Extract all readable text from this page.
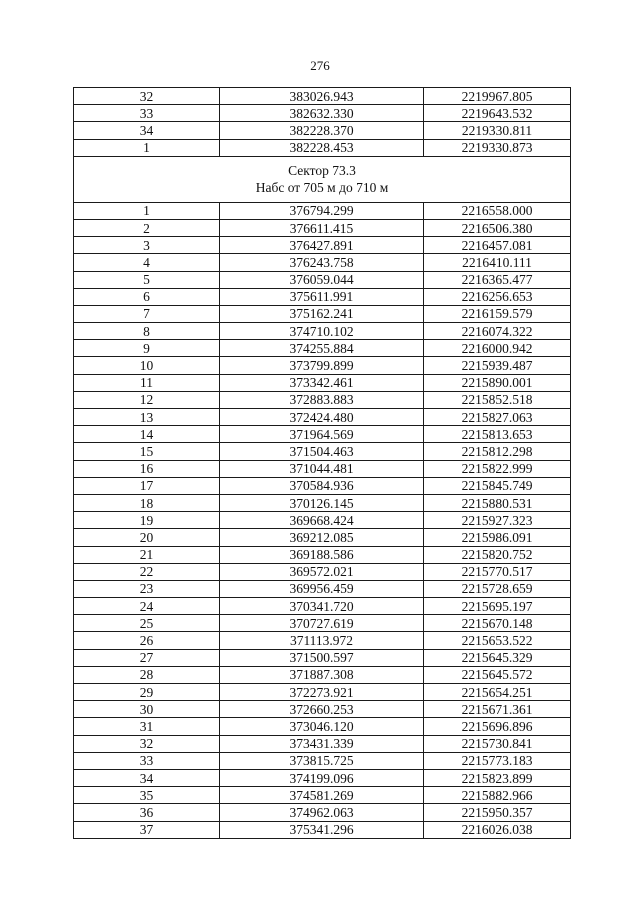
276
32	383026.943	2219967.805
33	382632.330	2219643.532
34	382228.370	2219330.811
1	382228.453	2219330.873

Сектор 73.3
Набс от 705 м до 710 м		

1	376794.299	2216558.000
2	376611.415	2216506.380
3	376427.891	2216457.081
4	376243.758	2216410.111
5	376059.044	2216365.477
6	375611.991	2216256.653
7	375162.241	2216159.579
8	374710.102	2216074.322
9	374255.884	2216000.942
10	373799.899	2215939.487
11	373342.461	2215890.001
12	372883.883	2215852.518
13	372424.480	2215827.063
14	371964.569	2215813.653
15	371504.463	2215812.298
16	371044.481	2215822.999
17	370584.936	2215845.749
18	370126.145	2215880.531
19	369668.424	2215927.323
20	369212.085	2215986.091
21	369188.586	2215820.752
22	369572.021	2215770.517
23	369956.459	2215728.659
24	370341.720	2215695.197
25	370727.619	2215670.148
26	371113.972	2215653.522
27	371500.597	2215645.329
28	371887.308	2215645.572
29	372273.921	2215654.251
30	372660.253	2215671.361
31	373046.120	2215696.896
32	373431.339	2215730.841
33	373815.725	2215773.183
34	374199.096	2215823.899
35	374581.269	2215882.966
36	374962.063	2215950.357
37	375341.296	2216026.038
